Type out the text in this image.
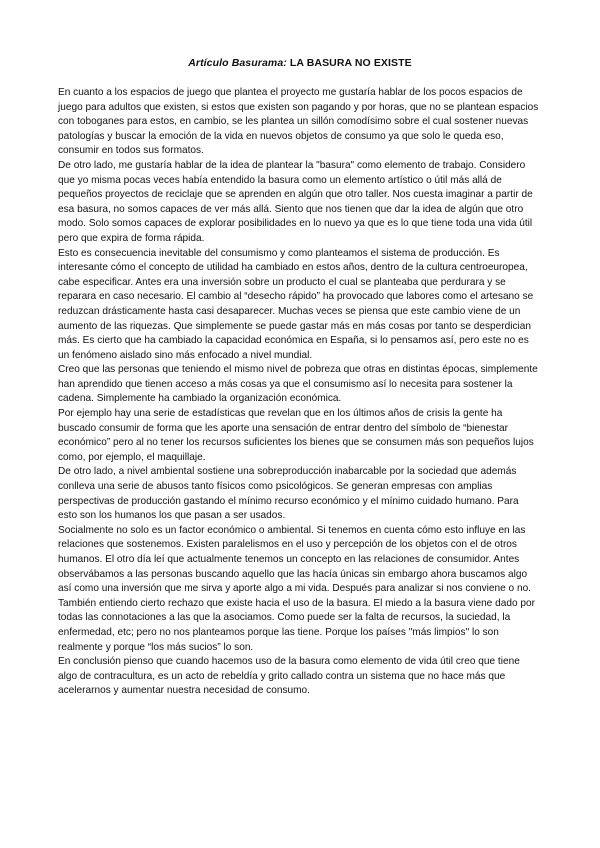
Artículo Basurama: LA BASURA NO EXISTE

En cuanto a los espacios de juego que plantea el proyecto me gustaría hablar de los pocos espacios de juego para adultos que existen, si estos que existen son pagando y por horas, que no se plantean espacios con toboganes para estos, en cambio, se les plantea un sillón comodísimo sobre el cual sostener nuevas patologías y buscar la emoción de la vida en nuevos objetos de consumo ya que solo le queda eso, consumir en todos sus formatos.

De otro lado, me gustaría hablar de la idea de plantear la "basura" como elemento de trabajo. Considero que yo misma pocas veces había entendido la basura como un elemento artístico o útil más allá de pequeños proyectos de reciclaje que se aprenden en algún que otro taller. Nos cuesta imaginar a partir de esa basura, no somos capaces de ver más allá. Siento que nos tienen que dar la idea de algún que otro modo. Solo somos capaces de explorar posibilidades en lo nuevo ya que es lo que tiene toda una vida útil pero que expira de forma rápida.

Esto es consecuencia inevitable del consumismo y como planteamos el sistema de producción. Es interesante cómo el concepto de utilidad ha cambiado en estos años, dentro de la cultura centroeuropea, cabe especificar. Antes era una inversión sobre un producto el cual se planteaba que perdurara y se reparara en caso necesario. El cambio al “desecho rápido” ha provocado que labores como el artesano se reduzcan drásticamente hasta casi desaparecer. Muchas veces se piensa que este cambio viene de un aumento de las riquezas. Que simplemente se puede gastar más en más cosas por tanto se desperdician más. Es cierto que ha cambiado la capacidad económica en España, si lo pensamos así, pero este no es un fenómeno aislado sino más enfocado a nivel mundial.

Creo que las personas que teniendo el mismo nivel de pobreza que otras en distintas épocas, simplemente han aprendido que tienen acceso a más cosas ya que el consumismo así lo necesita para sostener la cadena. Simplemente ha cambiado la organización económica.

Por ejemplo hay una serie de estadísticas que revelan que en los últimos años de crisis la gente ha buscado consumir de forma que les aporte una sensación de entrar dentro del símbolo de “bienestar económico” pero al no tener los recursos suficientes los bienes que se consumen más son pequeños lujos como, por ejemplo, el maquillaje.

De otro lado, a nivel ambiental sostiene una sobreproducción inabarcable por la sociedad que además conlleva una serie de abusos tanto físicos como psicológicos. Se generan empresas con amplias perspectivas de producción gastando el mínimo recurso económico y el mínimo cuidado humano. Para esto son los humanos los que pasan a ser usados.

Socialmente no solo es un factor económico o ambiental. Si tenemos en cuenta cómo esto influye en las relaciones que sostenemos. Existen paralelismos en el uso y percepción de los objetos con el de otros humanos. El otro día leí que actualmente tenemos un concepto en las relaciones de consumidor. Antes observábamos a las personas buscando aquello que las hacía únicas sin embargo ahora buscamos algo así como una inversión que me sirva y aporte algo a mi vida. Después para analizar si nos conviene o no.

También entiendo cierto rechazo que existe hacia el uso de la basura. El miedo a la basura viene dado por todas las connotaciones a las que la asociamos. Como puede ser la falta de recursos, la suciedad, la enfermedad, etc; pero no nos planteamos porque las tiene. Porque los países "más limpios" lo son realmente y porque “los más sucios” lo son.

En conclusión pienso que cuando hacemos uso de la basura como elemento de vida útil creo que tiene algo de contracultura, es un acto de rebeldía y grito callado contra un sistema que no hace más que acelerarnos y aumentar nuestra necesidad de consumo.
